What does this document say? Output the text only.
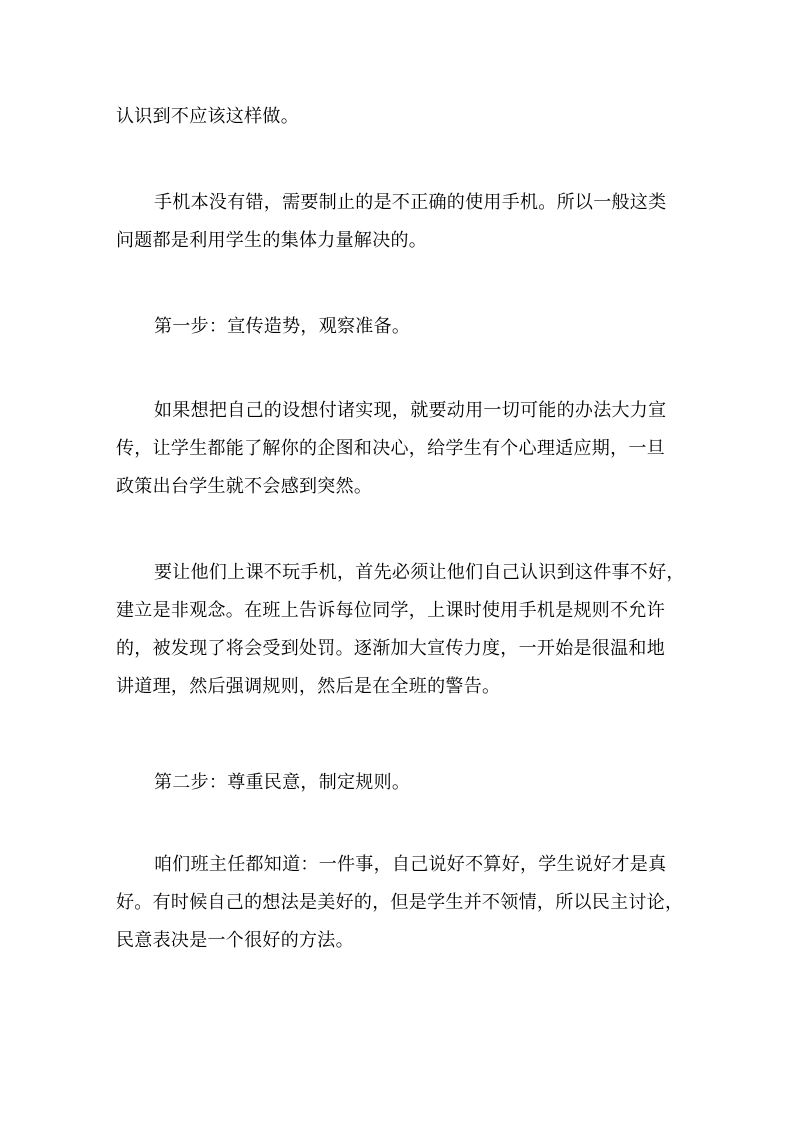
认识到不应该这样做。

手机本没有错，需要制止的是不正确的使用手机。所以一般这类
问题都是利用学生的集体力量解决的。

第一步：宣传造势，观察准备。

如果想把自己的设想付诸实现，就要动用一切可能的办法大力宣
传，让学生都能了解你的企图和决心，给学生有个心理适应期，一旦
政策出台学生就不会感到突然。

要让他们上课不玩手机，首先必须让他们自己认识到这件事不好，
建立是非观念。在班上告诉每位同学，上课时使用手机是规则不允许
的，被发现了将会受到处罚。逐渐加大宣传力度，一开始是很温和地
讲道理，然后强调规则，然后是在全班的警告。

第二步：尊重民意，制定规则。

咱们班主任都知道：一件事，自己说好不算好，学生说好才是真
好。有时候自己的想法是美好的，但是学生并不领情，所以民主讨论，
民意表决是一个很好的方法。
